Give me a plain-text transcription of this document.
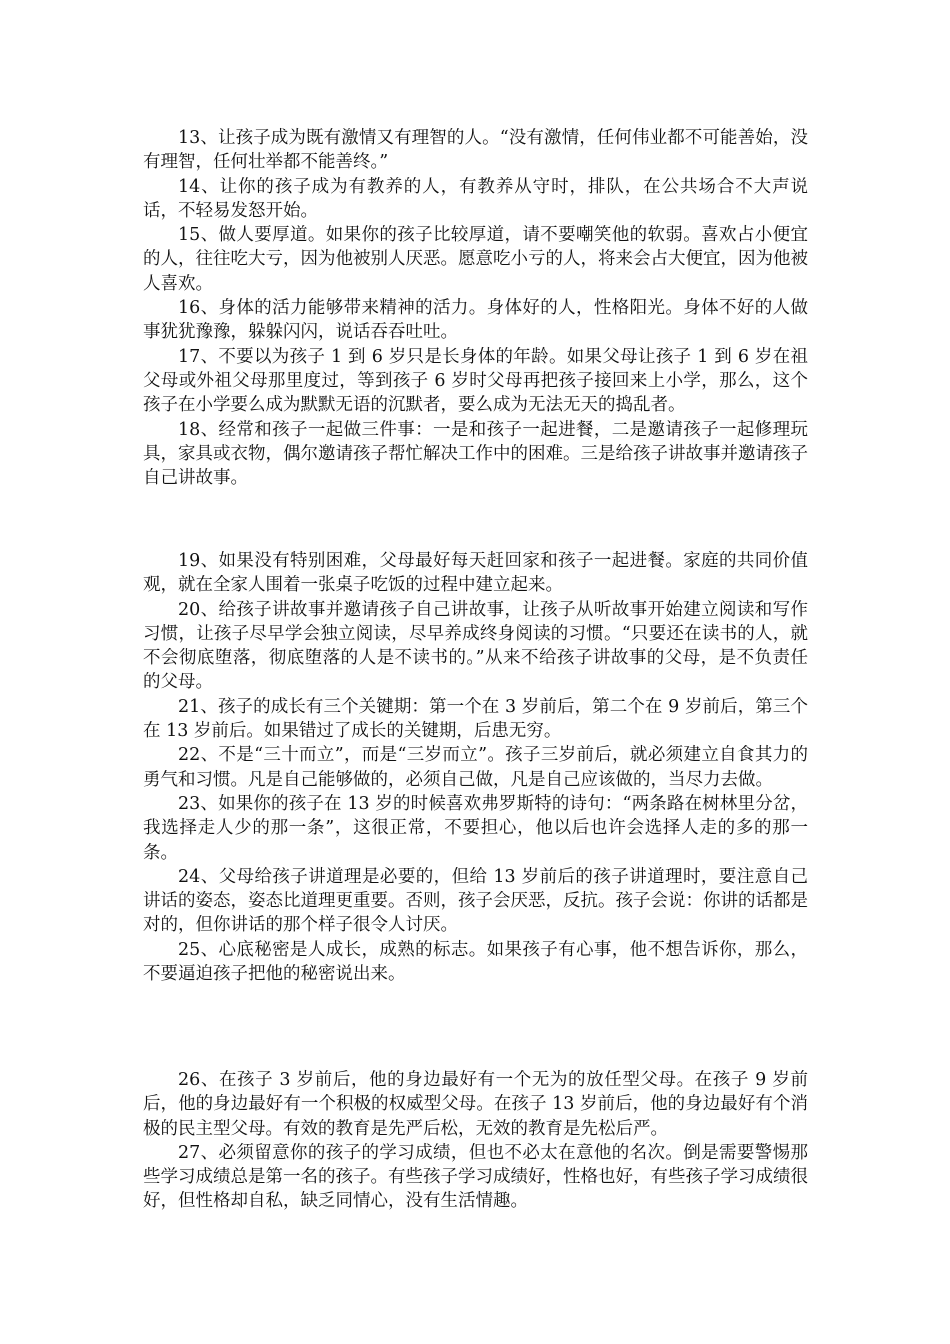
13、让孩子成为既有激情又有理智的人。“没有激情，任何伟业都不可能善始，没有理智，任何壮举都不能善终。”

14、让你的孩子成为有教养的人，有教养从守时，排队，在公共场合不大声说话，不轻易发怒开始。

15、做人要厚道。如果你的孩子比较厚道，请不要嘲笑他的软弱。喜欢占小便宜的人，往往吃大亏，因为他被别人厌恶。愿意吃小亏的人，将来会占大便宜，因为他被人喜欢。

16、身体的活力能够带来精神的活力。身体好的人，性格阳光。身体不好的人做事犹犹豫豫，躲躲闪闪，说话吞吞吐吐。

17、不要以为孩子 1 到 6 岁只是长身体的年龄。如果父母让孩子 1 到 6 岁在祖父母或外祖父母那里度过，等到孩子 6 岁时父母再把孩子接回来上小学，那么，这个孩子在小学要么成为默默无语的沉默者，要么成为无法无天的捣乱者。

18、经常和孩子一起做三件事：一是和孩子一起进餐，二是邀请孩子一起修理玩具，家具或衣物，偶尔邀请孩子帮忙解决工作中的困难。三是给孩子讲故事并邀请孩子自己讲故事。

19、如果没有特别困难，父母最好每天赶回家和孩子一起进餐。家庭的共同价值观，就在全家人围着一张桌子吃饭的过程中建立起来。

20、给孩子讲故事并邀请孩子自己讲故事，让孩子从听故事开始建立阅读和写作习惯，让孩子尽早学会独立阅读，尽早养成终身阅读的习惯。“只要还在读书的人，就不会彻底堕落，彻底堕落的人是不读书的。”从来不给孩子讲故事的父母，是不负责任的父母。

21、孩子的成长有三个关键期：第一个在 3 岁前后，第二个在 9 岁前后，第三个在 13 岁前后。如果错过了成长的关键期，后患无穷。

22、不是“三十而立”，而是“三岁而立”。孩子三岁前后，就必须建立自食其力的勇气和习惯。凡是自己能够做的，必须自己做，凡是自己应该做的，当尽力去做。

23、如果你的孩子在 13 岁的时候喜欢弗罗斯特的诗句：“两条路在树林里分岔，我选择走人少的那一条”，这很正常，不要担心，他以后也许会选择人走的多的那一条。

24、父母给孩子讲道理是必要的，但给 13 岁前后的孩子讲道理时，要注意自己讲话的姿态，姿态比道理更重要。否则，孩子会厌恶，反抗。孩子会说：你讲的话都是对的，但你讲话的那个样子很令人讨厌。

25、心底秘密是人成长，成熟的标志。如果孩子有心事，他不想告诉你，那么，不要逼迫孩子把他的秘密说出来。

26、在孩子 3 岁前后，他的身边最好有一个无为的放任型父母。在孩子 9 岁前后，他的身边最好有一个积极的权威型父母。在孩子 13 岁前后，他的身边最好有个消极的民主型父母。有效的教育是先严后松，无效的教育是先松后严。

27、必须留意你的孩子的学习成绩，但也不必太在意他的名次。倒是需要警惕那些学习成绩总是第一名的孩子。有些孩子学习成绩好，性格也好，有些孩子学习成绩很好，但性格却自私，缺乏同情心，没有生活情趣。
